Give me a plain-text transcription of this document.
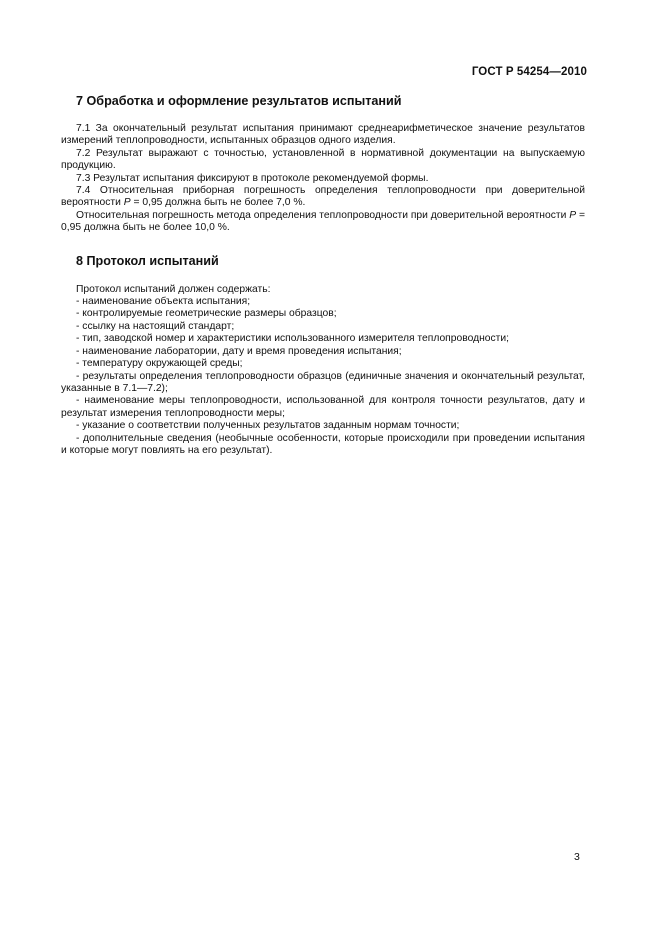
ГОСТ Р 54254—2010
7 Обработка и оформление результатов испытаний

7.1 За окончательный результат испытания принимают среднеарифметическое значение результатов измерений теплопроводности, испытанных образцов одного изделия.

7.2 Результат выражают с точностью, установленной в нормативной документации на выпускаемую продукцию.

7.3 Результат испытания фиксируют в протоколе рекомендуемой формы.

7.4 Относительная приборная погрешность определения теплопроводности при доверительной вероятности P = 0,95 должна быть не более 7,0 %.

Относительная погрешность метода определения теплопроводности при доверительной вероятности P = 0,95 должна быть не более 10,0 %.

8 Протокол испытаний

Протокол испытаний должен содержать:

- наименование объекта испытания;

- контролируемые геометрические размеры образцов;

- ссылку на настоящий стандарт;

- тип, заводской номер и характеристики использованного измерителя теплопроводности;

- наименование лаборатории, дату и время проведения испытания;

- температуру окружающей среды;

- результаты определения теплопроводности образцов (единичные значения и окончательный результат, указанные в 7.1—7.2);

- наименование меры теплопроводности, использованной для контроля точности результатов, дату и результат измерения теплопроводности меры;

- указание о соответствии полученных результатов заданным нормам точности;

- дополнительные сведения (необычные особенности, которые происходили при проведении испытания и которые могут повлиять на его результат).

3
